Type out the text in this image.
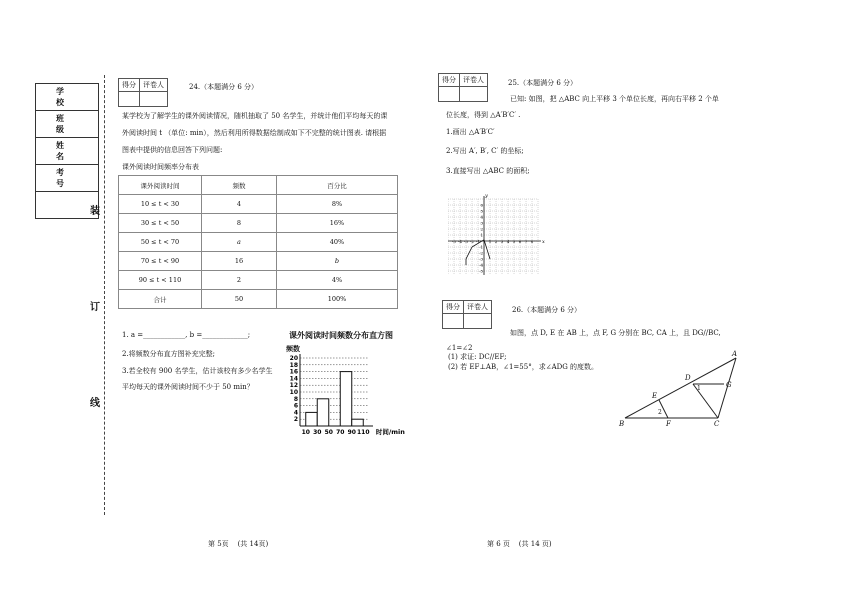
学 校
班 级
姓 名
考 号

装
订
线
得分	评卷人
		24.（本题满分 6 分）
某学校为了解学生的课外阅读情况，随机抽取了 50 名学生，并统计他们平均每天的课
外阅读时间 t （单位: min），然后利用所得数据绘制成如下不完整的统计图表. 请根据
图表中提供的信息回答下列问题:
课外阅读时间频率分布表
课外阅读时间	频数	百分比
10 ≤ t < 30	4	8%
30 ≤ t < 50	8	16%
50 ≤ t < 70	a	40%
70 ≤ t < 90	16	b
90 ≤ t < 110	2	4%
合计	50	100%
1. a =____________, b =_____________;
2.将频数分布直方图补充完整;
3.若全校有 900 名学生，估计该校有多少名学生
平均每天的课外阅读时间不少于 50 min？
课外阅读时间频数分布直方图
频数
2
4
6
8
10
12
14
16
18
20
10 30 50 70 90 110 时间/min
得分	评卷人
		25.（本题满分 6 分）
已知: 如图，把 △ABC 向上平移 3 个单位长度，再向右平移 2 个单
位长度，得到 △A′B′C′ .
1.画出 △A′B′C′
2.写出 A′, B′, C′ 的坐标;
3.直接写出 △ABC 的面积;
x
y
-5 -4 -3 -2 -1 1 2 3 4 5 6 7 8
6
5
4
3
2
1
-1
-2
-3
-4
-5
得分	评卷人
		26.（本题满分 6 分）
如图，点 D, E 在 AB 上，点 F, G 分别在 BC, CA 上，且 DG//BC,
∠1=∠2
(1) 求证: DC//EF;
(2) 若 EF⊥AB，∠1=55°，求∠ADG 的度数。
A
D
G
E
B	F	C
1
2
第 5页    (共 14页)	第 6 页    (共 14 页)
